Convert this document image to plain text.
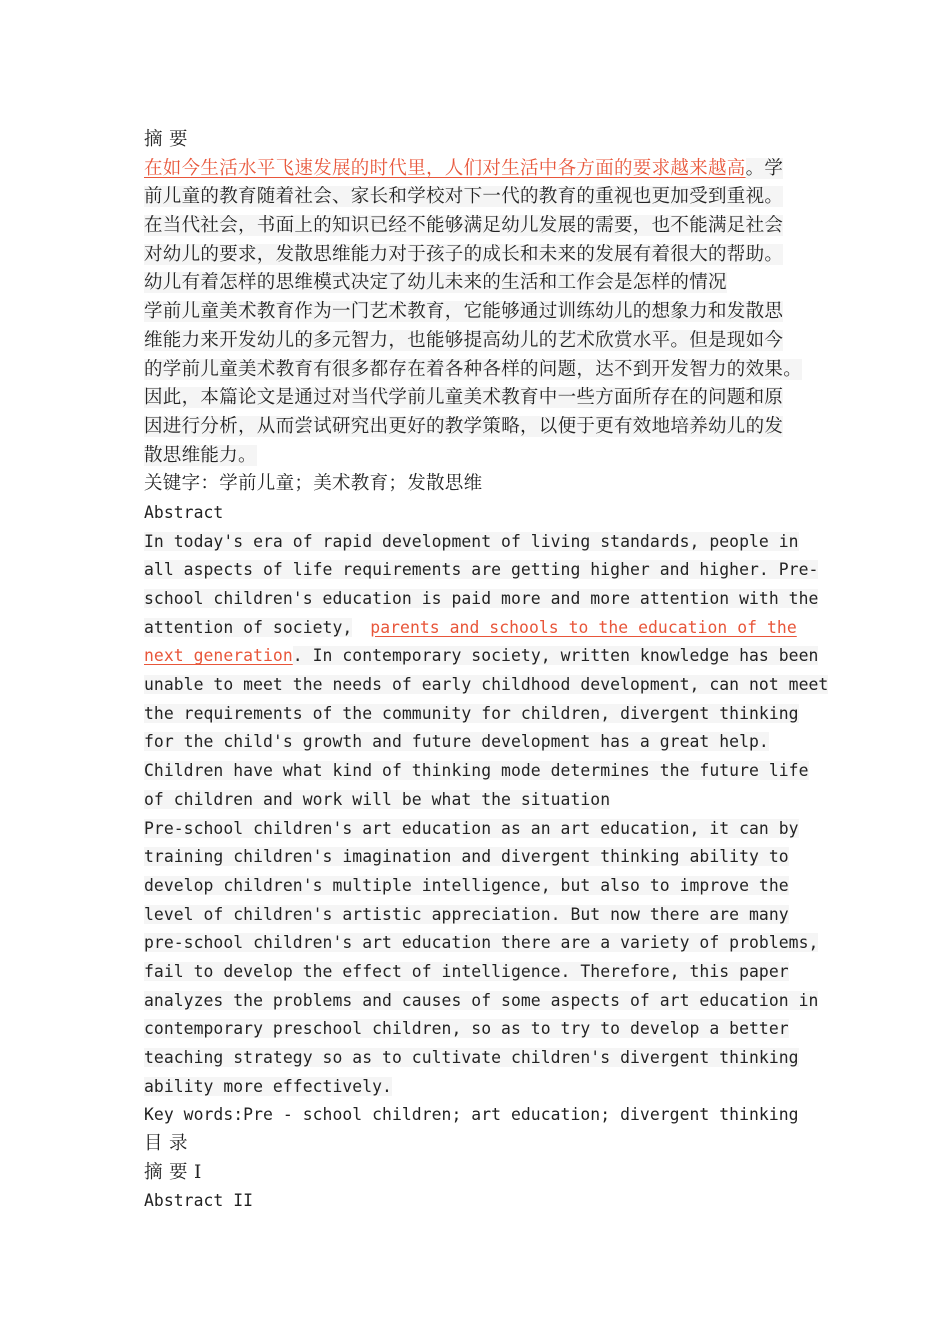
摘 要
在如今生活水平飞速发展的时代里，人们对生活中各方面的要求越来越高。学
前儿童的教育随着社会、家长和学校对下一代的教育的重视也更加受到重视。
在当代社会，书面上的知识已经不能够满足幼儿发展的需要，也不能满足社会
对幼儿的要求，发散思维能力对于孩子的成长和未来的发展有着很大的帮助。
幼儿有着怎样的思维模式决定了幼儿未来的生活和工作会是怎样的情况
学前儿童美术教育作为一门艺术教育，它能够通过训练幼儿的想象力和发散思
维能力来开发幼儿的多元智力，也能够提高幼儿的艺术欣赏水平。但是现如今
的学前儿童美术教育有很多都存在着各种各样的问题，达不到开发智力的效果。
因此，本篇论文是通过对当代学前儿童美术教育中一些方面所存在的问题和原
因进行分析，从而尝试研究出更好的教学策略，以便于更有效地培养幼儿的发
散思维能力。
关键字：学前儿童；美术教育；发散思维
Abstract
In today's era of rapid development of living standards, people in
all aspects of life requirements are getting higher and higher. Pre-
school children's education is paid more and more attention with the
attention of society, parents and schools to the education of the
next generation. In contemporary society, written knowledge has been
unable to meet the needs of early childhood development, can not meet
the requirements of the community for children, divergent thinking
for the child's growth and future development has a great help.
Children have what kind of thinking mode determines the future life
of children and work will be what the situation
Pre-school children's art education as an art education, it can by
training children's imagination and divergent thinking ability to
develop children's multiple intelligence, but also to improve the
level of children's artistic appreciation. But now there are many
pre-school children's art education there are a variety of problems,
fail to develop the effect of intelligence. Therefore, this paper
analyzes the problems and causes of some aspects of art education in
contemporary preschool children, so as to try to develop a better
teaching strategy so as to cultivate children's divergent thinking
ability more effectively.
Key words:Pre - school children; art education; divergent thinking
目 录
摘 要 I
Abstract II
